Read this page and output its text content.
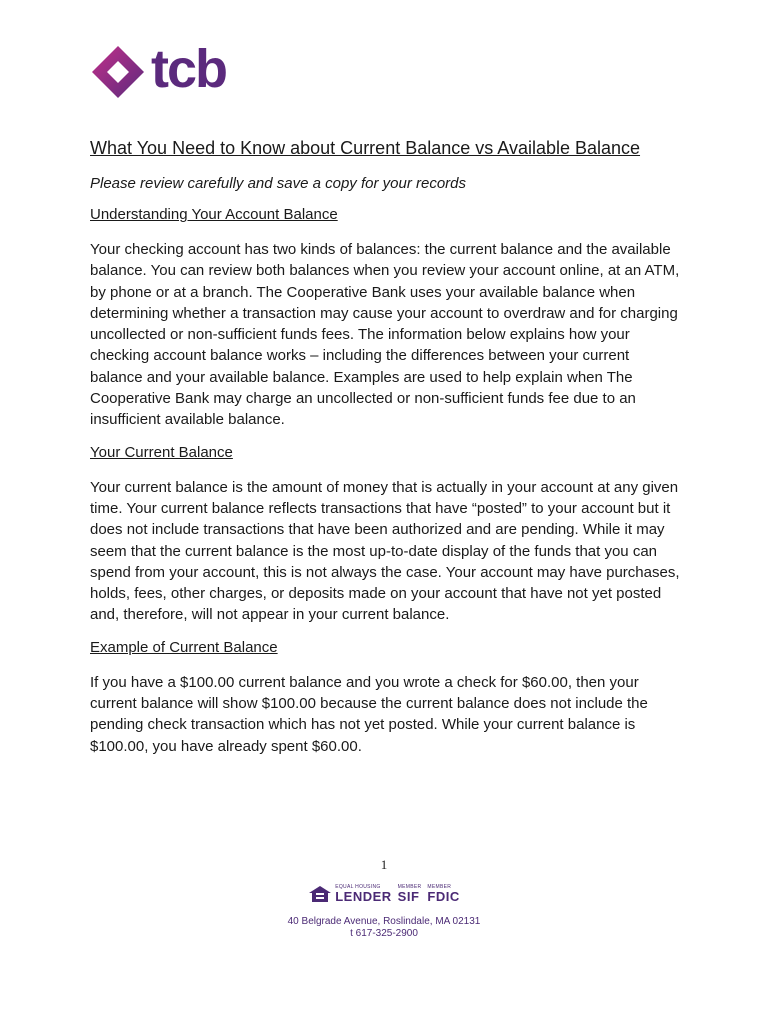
tcb
What You Need to Know about Current Balance vs Available Balance

Please review carefully and save a copy for your records

Understanding Your Account Balance

Your checking account has two kinds of balances: the current balance and the available balance. You can review both balances when you review your account online, at an ATM, by phone or at a branch. The Cooperative Bank uses your available balance when determining whether a transaction may cause your account to overdraw and for charging uncollected or non-sufficient funds fees. The information below explains how your checking account balance works – including the differences between your current balance and your available balance. Examples are used to help explain when The Cooperative Bank may charge an uncollected or non-sufficient funds fee due to an insufficient available balance.

Your Current Balance

Your current balance is the amount of money that is actually in your account at any given time. Your current balance reflects transactions that have “posted” to your account but it does not include transactions that have been authorized and are pending. While it may seem that the current balance is the most up-to-date display of the funds that you can spend from your account, this is not always the case. Your account may have purchases, holds, fees, other charges, or deposits made on your account that have not yet posted and, therefore, will not appear in your current balance.

Example of Current Balance

If you have a $100.00 current balance and you wrote a check for $60.00, then your current balance will show $100.00 because the current balance does not include the pending check transaction which has not yet posted. While your current balance is $100.00, you have already spent $60.00.

1
EQUAL HOUSING
LENDER
MEMBER
SIF
MEMBER
FDIC
40 Belgrade Avenue, Roslindale, MA 02131
t 617-325-2900
